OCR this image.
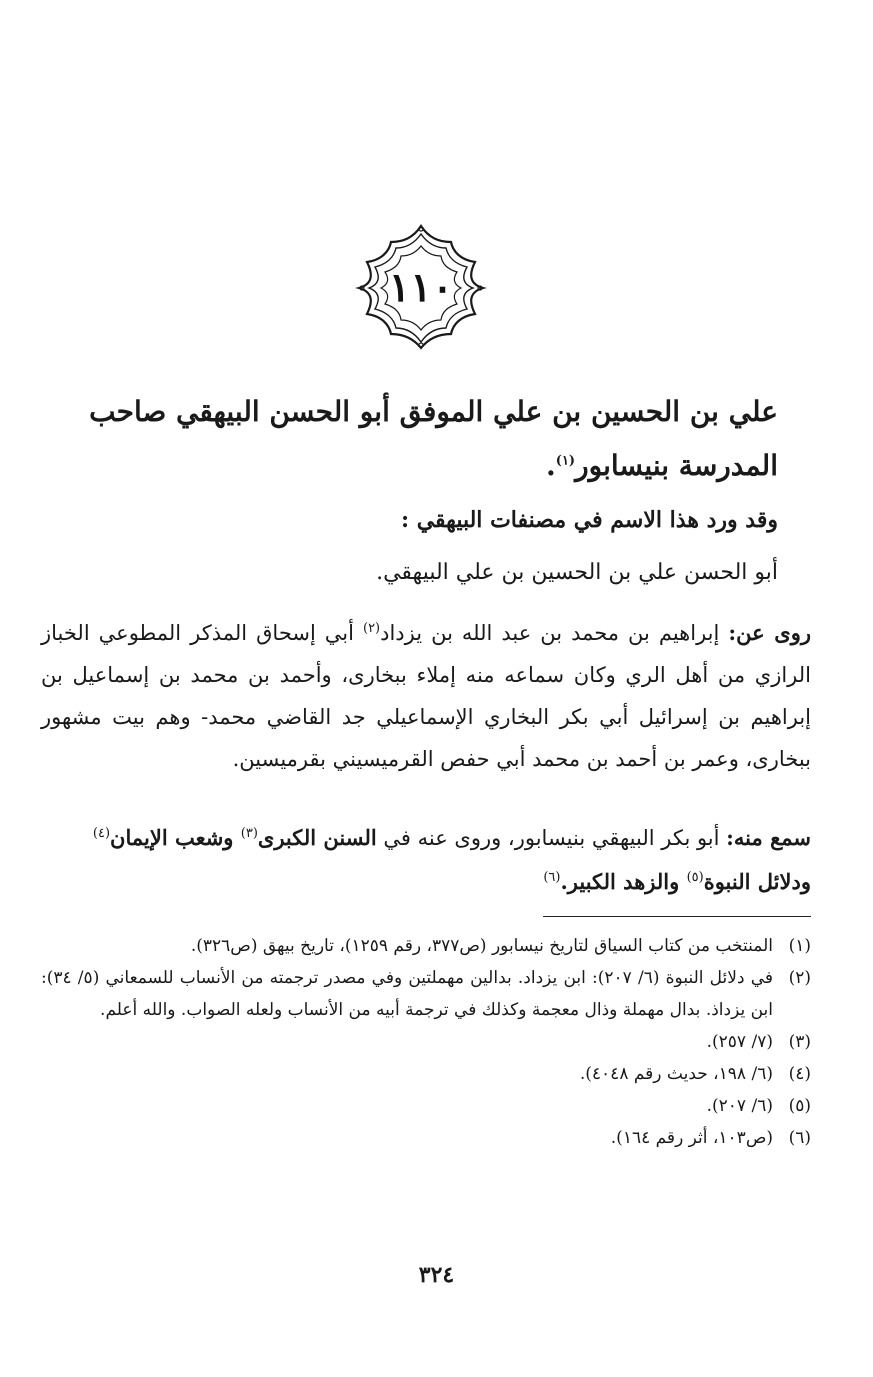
١١٠
علي بن الحسين بن علي الموفق أبو الحسن البيهقي صاحب المدرسة بنيسابور$^{(١)}$.
وقد ورد هذا الاسم في مصنفات البيهقي :
أبو الحسن علي بن الحسين بن علي البيهقي.
روى عن: إبراهيم بن محمد بن عبد الله بن يزداد$^{(٢)}$ أبي إسحاق المذكر المطوعي الخباز الرازي من أهل الري وكان سماعه منه إملاء ببخارى، وأحمد بن محمد بن إسماعيل بن إبراهيم بن إسرائيل أبي بكر البخاري الإسماعيلي جد القاضي محمد- وهم بيت مشهور ببخارى، وعمر بن أحمد بن محمد أبي حفص القرميسيني بقرميسين.
سمع منه: أبو بكر البيهقي بنيسابور، وروى عنه في السنن الكبرى$^{(٣)}$ وشعب الإيمان$^{(٤)}$ ودلائل النبوة$^{(٥)}$ والزهد الكبير.$^{(٦)}$
(١)
المنتخب من كتاب السياق لتاريخ نيسابور (ص٣٧٧، رقم ١٢٥٩)، تاريخ بيهق (ص٣٢٦).
(٢)
في دلائل النبوة (٦/ ٢٠٧): ابن يزداد. بدالين مهملتين وفي مصدر ترجمته من الأنساب للسمعاني (٥/ ٣٤): ابن يزداذ. بدال مهملة وذال معجمة وكذلك في ترجمة أبيه من الأنساب ولعله الصواب. والله أعلم.
(٣)
(٧/ ٢٥٧).
(٤)
(٦/ ١٩٨، حديث رقم ٤٠٤٨).
(٥)
(٦/ ٢٠٧).
(٦)
(ص١٠٣، أثر رقم ١٦٤).
٣٢٤
